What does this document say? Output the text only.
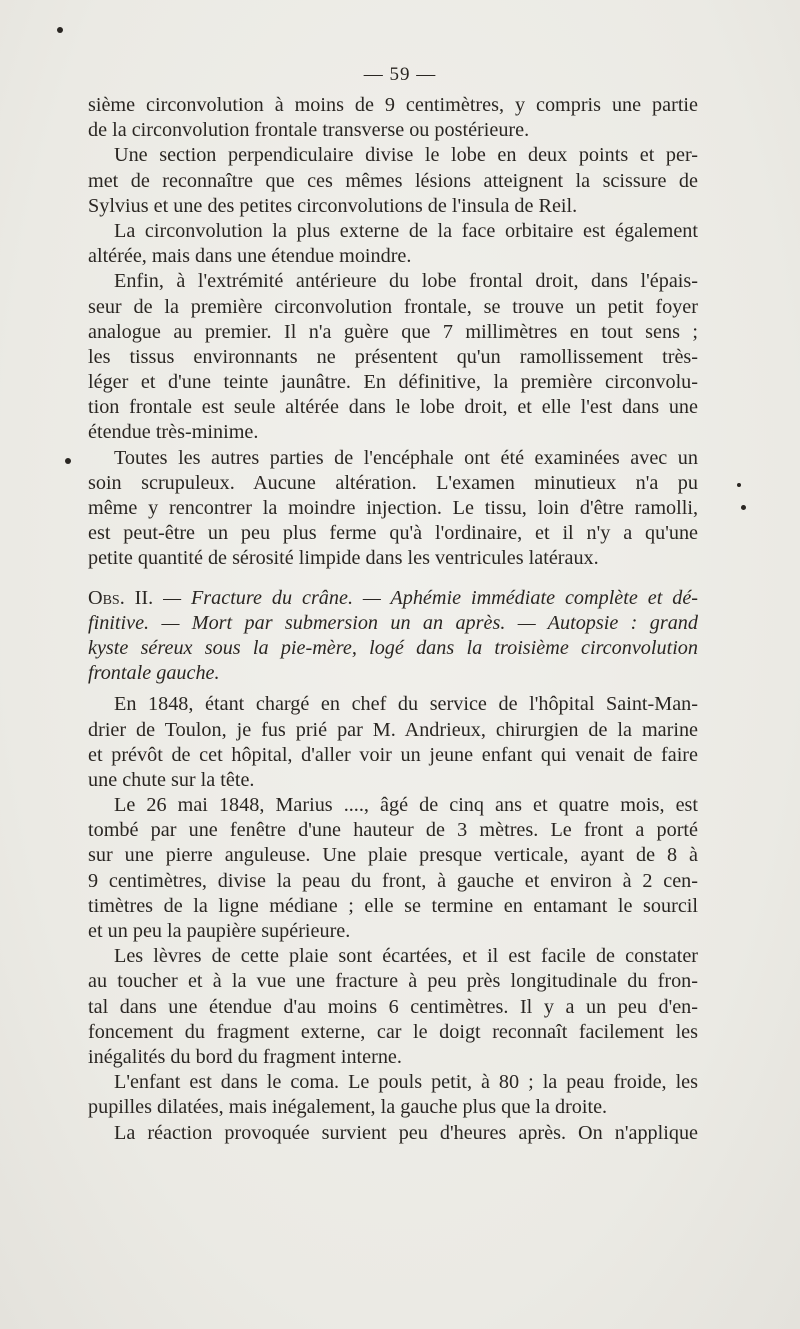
— 59 —
sième circonvolution à moins de 9 centimètres, y compris une partie
de la circonvolution frontale transverse ou postérieure.
Une section perpendiculaire divise le lobe en deux points et per-
met de reconnaître que ces mêmes lésions atteignent la scissure de
Sylvius et une des petites circonvolutions de l'insula de Reil.
La circonvolution la plus externe de la face orbitaire est également
altérée, mais dans une étendue moindre.
Enfin, à l'extrémité antérieure du lobe frontal droit, dans l'épais-
seur de la première circonvolution frontale, se trouve un petit foyer
analogue au premier. Il n'a guère que 7 millimètres en tout sens ;
les tissus environnants ne présentent qu'un ramollissement très-
léger et d'une teinte jaunâtre. En définitive, la première circonvolu-
tion frontale est seule altérée dans le lobe droit, et elle l'est dans une
étendue très-minime.
Toutes les autres parties de l'encéphale ont été examinées avec un
soin scrupuleux. Aucune altération. L'examen minutieux n'a pu
même y rencontrer la moindre injection. Le tissu, loin d'être ramolli,
est peut-être un peu plus ferme qu'à l'ordinaire, et il n'y a qu'une
petite quantité de sérosité limpide dans les ventricules latéraux.
Obs. II. — Fracture du crâne. — Aphémie immédiate complète et dé-
finitive. — Mort par submersion un an après. — Autopsie : grand
kyste séreux sous la pie-mère, logé dans la troisième circonvolution
frontale gauche.
En 1848, étant chargé en chef du service de l'hôpital Saint-Man-
drier de Toulon, je fus prié par M. Andrieux, chirurgien de la marine
et prévôt de cet hôpital, d'aller voir un jeune enfant qui venait de faire
une chute sur la tête.
Le 26 mai 1848, Marius ...., âgé de cinq ans et quatre mois, est
tombé par une fenêtre d'une hauteur de 3 mètres. Le front a porté
sur une pierre anguleuse. Une plaie presque verticale, ayant de 8 à
9 centimètres, divise la peau du front, à gauche et environ à 2 cen-
timètres de la ligne médiane ; elle se termine en entamant le sourcil
et un peu la paupière supérieure.
Les lèvres de cette plaie sont écartées, et il est facile de constater
au toucher et à la vue une fracture à peu près longitudinale du fron-
tal dans une étendue d'au moins 6 centimètres. Il y a un peu d'en-
foncement du fragment externe, car le doigt reconnaît facilement les
inégalités du bord du fragment interne.
L'enfant est dans le coma. Le pouls petit, à 80 ; la peau froide, les
pupilles dilatées, mais inégalement, la gauche plus que la droite.
La réaction provoquée survient peu d'heures après. On n'applique
